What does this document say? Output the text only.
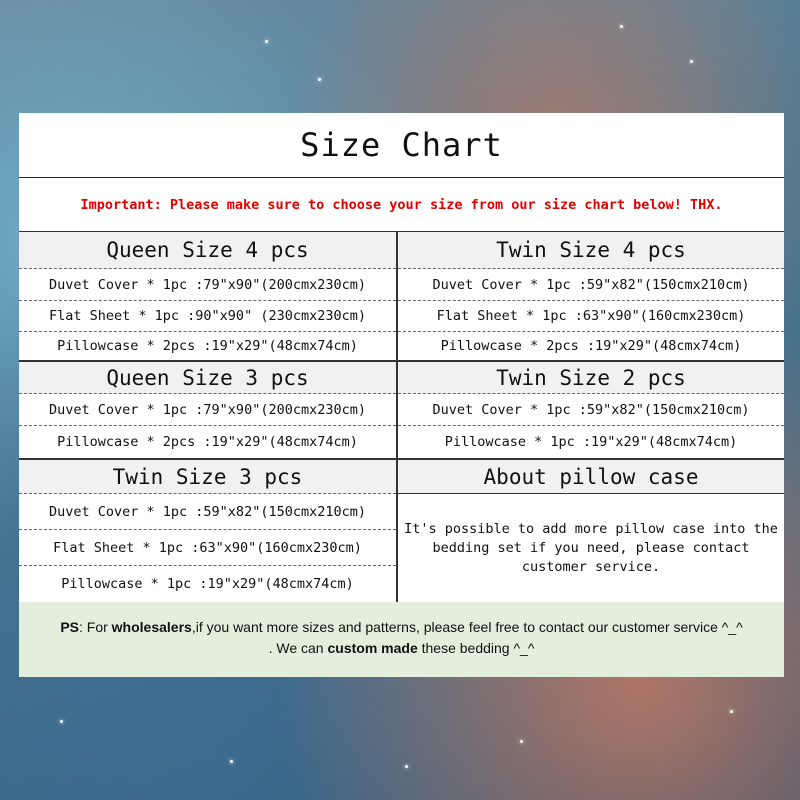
Size Chart
Important: Please make sure to choose your size from our size chart below! THX.
Queen Size 4 pcs
Duvet Cover * 1pc :79"x90"(200cmx230cm)
Flat Sheet * 1pc :90"x90" (230cmx230cm)
Pillowcase * 2pcs :19"x29"(48cmx74cm)
Twin Size 4 pcs
Duvet Cover * 1pc :59"x82"(150cmx210cm)
Flat Sheet * 1pc :63"x90"(160cmx230cm)
Pillowcase * 2pcs :19"x29"(48cmx74cm)
Queen Size 3 pcs
Duvet Cover * 1pc :79"x90"(200cmx230cm)
Pillowcase * 2pcs :19"x29"(48cmx74cm)
Twin Size 2 pcs
Duvet Cover * 1pc :59"x82"(150cmx210cm)
Pillowcase * 1pc :19"x29"(48cmx74cm)
Twin Size 3 pcs
Duvet Cover * 1pc :59"x82"(150cmx210cm)
Flat Sheet * 1pc :63"x90"(160cmx230cm)
Pillowcase * 1pc :19"x29"(48cmx74cm)
About pillow case
It's possible to add more pillow case into the bedding set if you need, please contact customer service.
PS: For wholesalers,if you want more sizes and patterns, please feel free to contact our customer service ^_^
. We can custom made these bedding ^_^
